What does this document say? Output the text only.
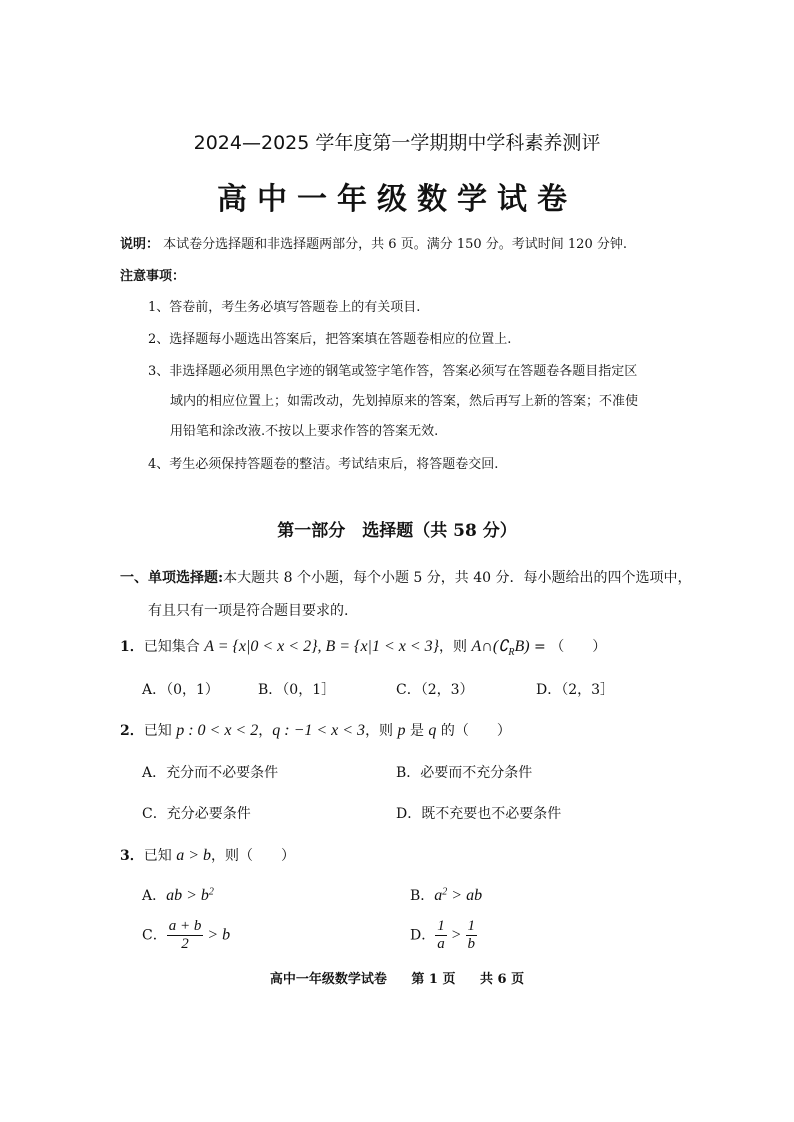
2024—2025 学年度第一学期期中学科素养测评
高中一年级数学试卷
说明： 本试卷分选择题和非选择题两部分，共 6 页。满分 150 分。考试时间 120 分钟.
注意事项：
1、答卷前，考生务必填写答题卷上的有关项目.
2、选择题每小题选出答案后，把答案填在答题卷相应的位置上.
3、非选择题必须用黑色字迹的钢笔或签字笔作答，答案必须写在答题卷各题目指定区
域内的相应位置上；如需改动，先划掉原来的答案，然后再写上新的答案；不准使
用铅笔和涂改液.不按以上要求作答的答案无效.
4、考生必须保持答题卷的整洁。考试结束后，将答题卷交回.
第一部分　选择题（共 58 分）
一、单项选择题:本大题共 8 个小题，每个小题 5 分，共 40 分．每小题给出的四个选项中，
有且只有一项是符合题目要求的.
1．已知集合 A = {x|0 < x < 2}, B = {x|1 < x < 3}，则 $A\cap(∁_RB)$ = （　　）
A．（0，1）	B．（0，1］	C．（2，3）	D．（2，3］
2．已知 p : 0 < x < 2，q : −1 < x < 3，则 p 是 q 的（　　）
A．充分而不必要条件	B．必要而不充分条件
C．充分必要条件	D．既不充要也不必要条件
3．已知 a > b，则（　　）
A．ab > $b^2$	B．$a^2$ > ab
C． $\frac{a + b}{2} > b$	D． $\frac{1}{a} > \frac{1}{b}$
高中一年级数学试卷 第 1 页 共 6 页
